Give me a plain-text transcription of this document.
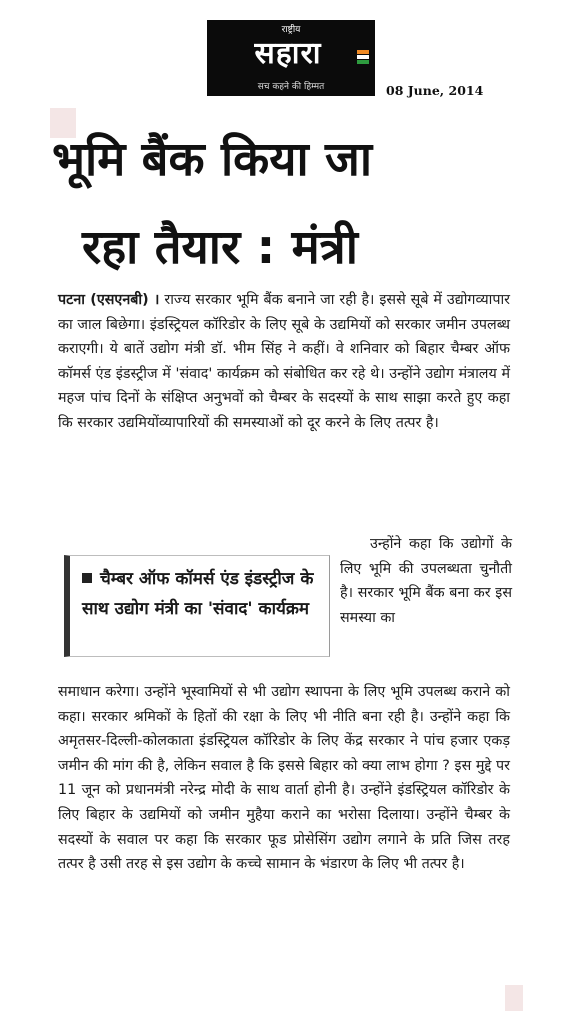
राष्ट्रीय
सहारा
सच कहने की हिम्मत	08 June, 2014
भूमि बैंक किया जा
रहा तैयार : मंत्री
पटना (एसएनबी) । राज्य सरकार भूमि बैंक बनाने जा रही है। इससे सूबे में उद्योगव्यापार का जाल बिछेगा। इंडस्ट्रियल कॉरिडोर के लिए सूबे के उद्यमियों को सरकार जमीन उपलब्ध कराएगी। ये बातें उद्योग मंत्री डॉ. भीम सिंह ने कहीं। वे शनिवार को बिहार चैम्बर ऑफ कॉमर्स एंड इंडस्ट्रीज में 'संवाद' कार्यक्रम को संबोधित कर रहे थे। उन्होंने उद्योग मंत्रालय में महज पांच दिनों के संक्षिप्त अनुभवों को चैम्बर के सदस्यों के साथ साझा करते हुए कहा कि सरकार उद्यमियोंव्यापारियों की समस्याओं को दूर करने के लिए तत्पर है।
चैम्बर ऑफ कॉमर्स एंड इंडस्ट्रीज के साथ उद्योग मंत्री का 'संवाद' कार्यक्रम
उन्होंने कहा कि उद्योगों के लिए भूमि की उपलब्धता चुनौती है। सरकार भूमि बैंक बना कर इस समस्या का
समाधान करेगा। उन्होंने भूस्वामियों से भी उद्योग स्थापना के लिए भूमि उपलब्ध कराने को कहा। सरकार श्रमिकों के हितों की रक्षा के लिए भी नीति बना रही है। उन्होंने कहा कि अमृतसर-दिल्ली-कोलकाता इंडस्ट्रियल कॉरिडोर के लिए केंद्र सरकार ने पांच हजार एकड़ जमीन की मांग की है, लेकिन सवाल है कि इससे बिहार को क्या लाभ होगा ? इस मुद्दे पर 11 जून को प्रधानमंत्री नरेन्द्र मोदी के साथ वार्ता होनी है। उन्होंने इंडस्ट्रियल कॉरिडोर के लिए बिहार के उद्यमियों को जमीन मुहैया कराने का भरोसा दिलाया। उन्होंने चैम्बर के सदस्यों के सवाल पर कहा कि सरकार फूड प्रोसेसिंग उद्योग लगाने के प्रति जिस तरह तत्पर है उसी तरह से इस उद्योग के कच्चे सामान के भंडारण के लिए भी तत्पर है।
